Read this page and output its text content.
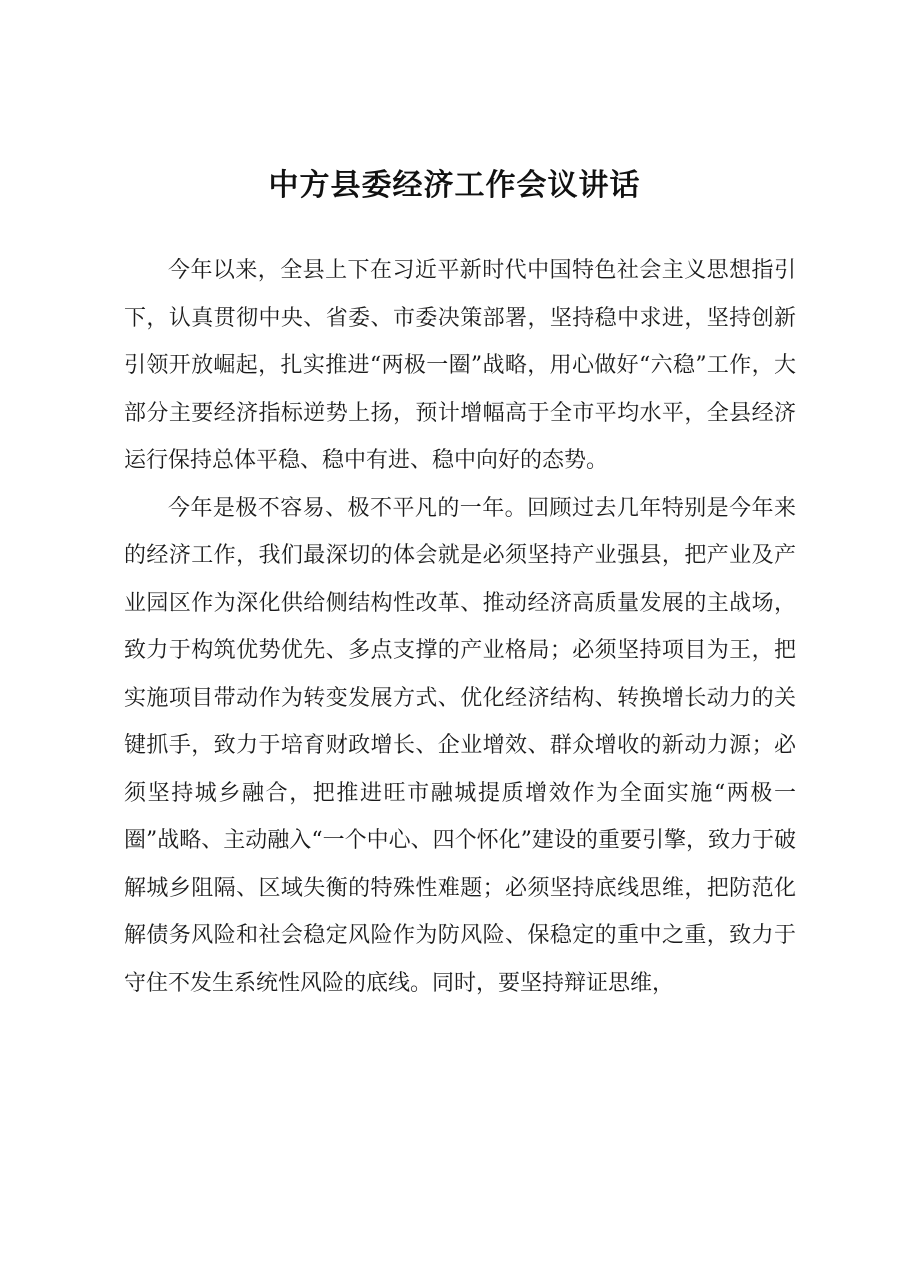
中方县委经济工作会议讲话

今年以来，全县上下在习近平新时代中国特色社会主义思想指引下，认真贯彻中央、省委、市委决策部署，坚持稳中求进，坚持创新引领开放崛起，扎实推进“两极一圈”战略，用心做好“六稳”工作，大部分主要经济指标逆势上扬，预计增幅高于全市平均水平，全县经济运行保持总体平稳、稳中有进、稳中向好的态势。

今年是极不容易、极不平凡的一年。回顾过去几年特别是今年来的经济工作，我们最深切的体会就是必须坚持产业强县，把产业及产业园区作为深化供给侧结构性改革、推动经济高质量发展的主战场，致力于构筑优势优先、多点支撑的产业格局；必须坚持项目为王，把实施项目带动作为转变发展方式、优化经济结构、转换增长动力的关键抓手，致力于培育财政增长、企业增效、群众增收的新动力源；必须坚持城乡融合，把推进旺市融城提质增效作为全面实施“两极一圈”战略、主动融入“一个中心、四个怀化”建设的重要引擎，致力于破解城乡阻隔、区域失衡的特殊性难题；必须坚持底线思维，把防范化解债务风险和社会稳定风险作为防风险、保稳定的重中之重，致力于守住不发生系统性风险的底线。同时，要坚持辩证思维，
